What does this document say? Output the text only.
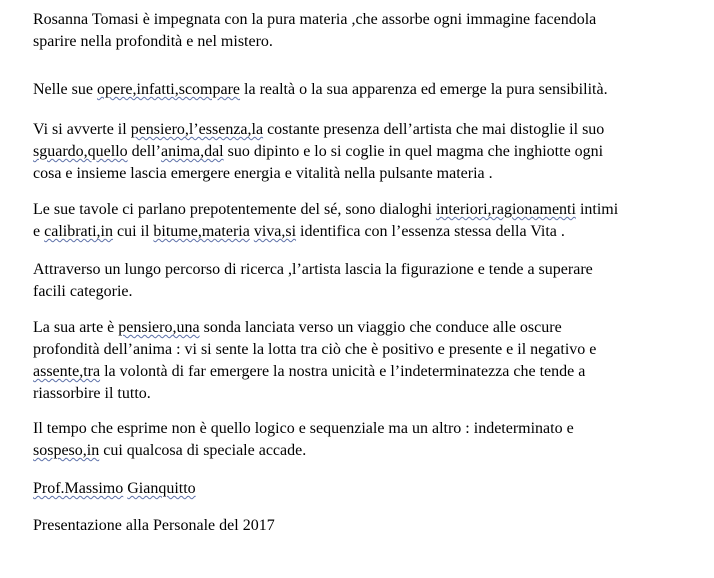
Rosanna Tomasi è impegnata con la pura materia ,che assorbe ogni immagine facendola
sparire nella profondità e nel mistero.

Nelle sue opere,infatti,scompare la realtà o la sua apparenza ed emerge la pura sensibilità.

Vi si avverte il pensiero,l’essenza,la costante presenza dell’artista che mai distoglie il suo
sguardo,quello dell’anima,dal suo dipinto e lo si coglie in quel magma che inghiotte ogni
cosa e insieme lascia emergere energia e vitalità nella pulsante materia .

Le sue tavole ci parlano prepotentemente del sé, sono dialoghi interiori,ragionamenti intimi
e calibrati,in cui il bitume,materia viva,si identifica con l’essenza stessa della Vita .

Attraverso un lungo percorso di ricerca ,l’artista lascia la figurazione e tende a superare
facili categorie.

La sua arte è pensiero,una sonda lanciata verso un viaggio che conduce alle oscure
profondità dell’anima : vi si sente la lotta tra ciò che è positivo e presente e il negativo e
assente,tra la volontà di far emergere la nostra unicità e l’indeterminatezza che tende a
riassorbire il tutto.

Il tempo che esprime non è quello logico e sequenziale ma un altro : indeterminato e
sospeso,in cui qualcosa di speciale accade.

Prof.Massimo Gianquitto

Presentazione alla Personale del 2017
